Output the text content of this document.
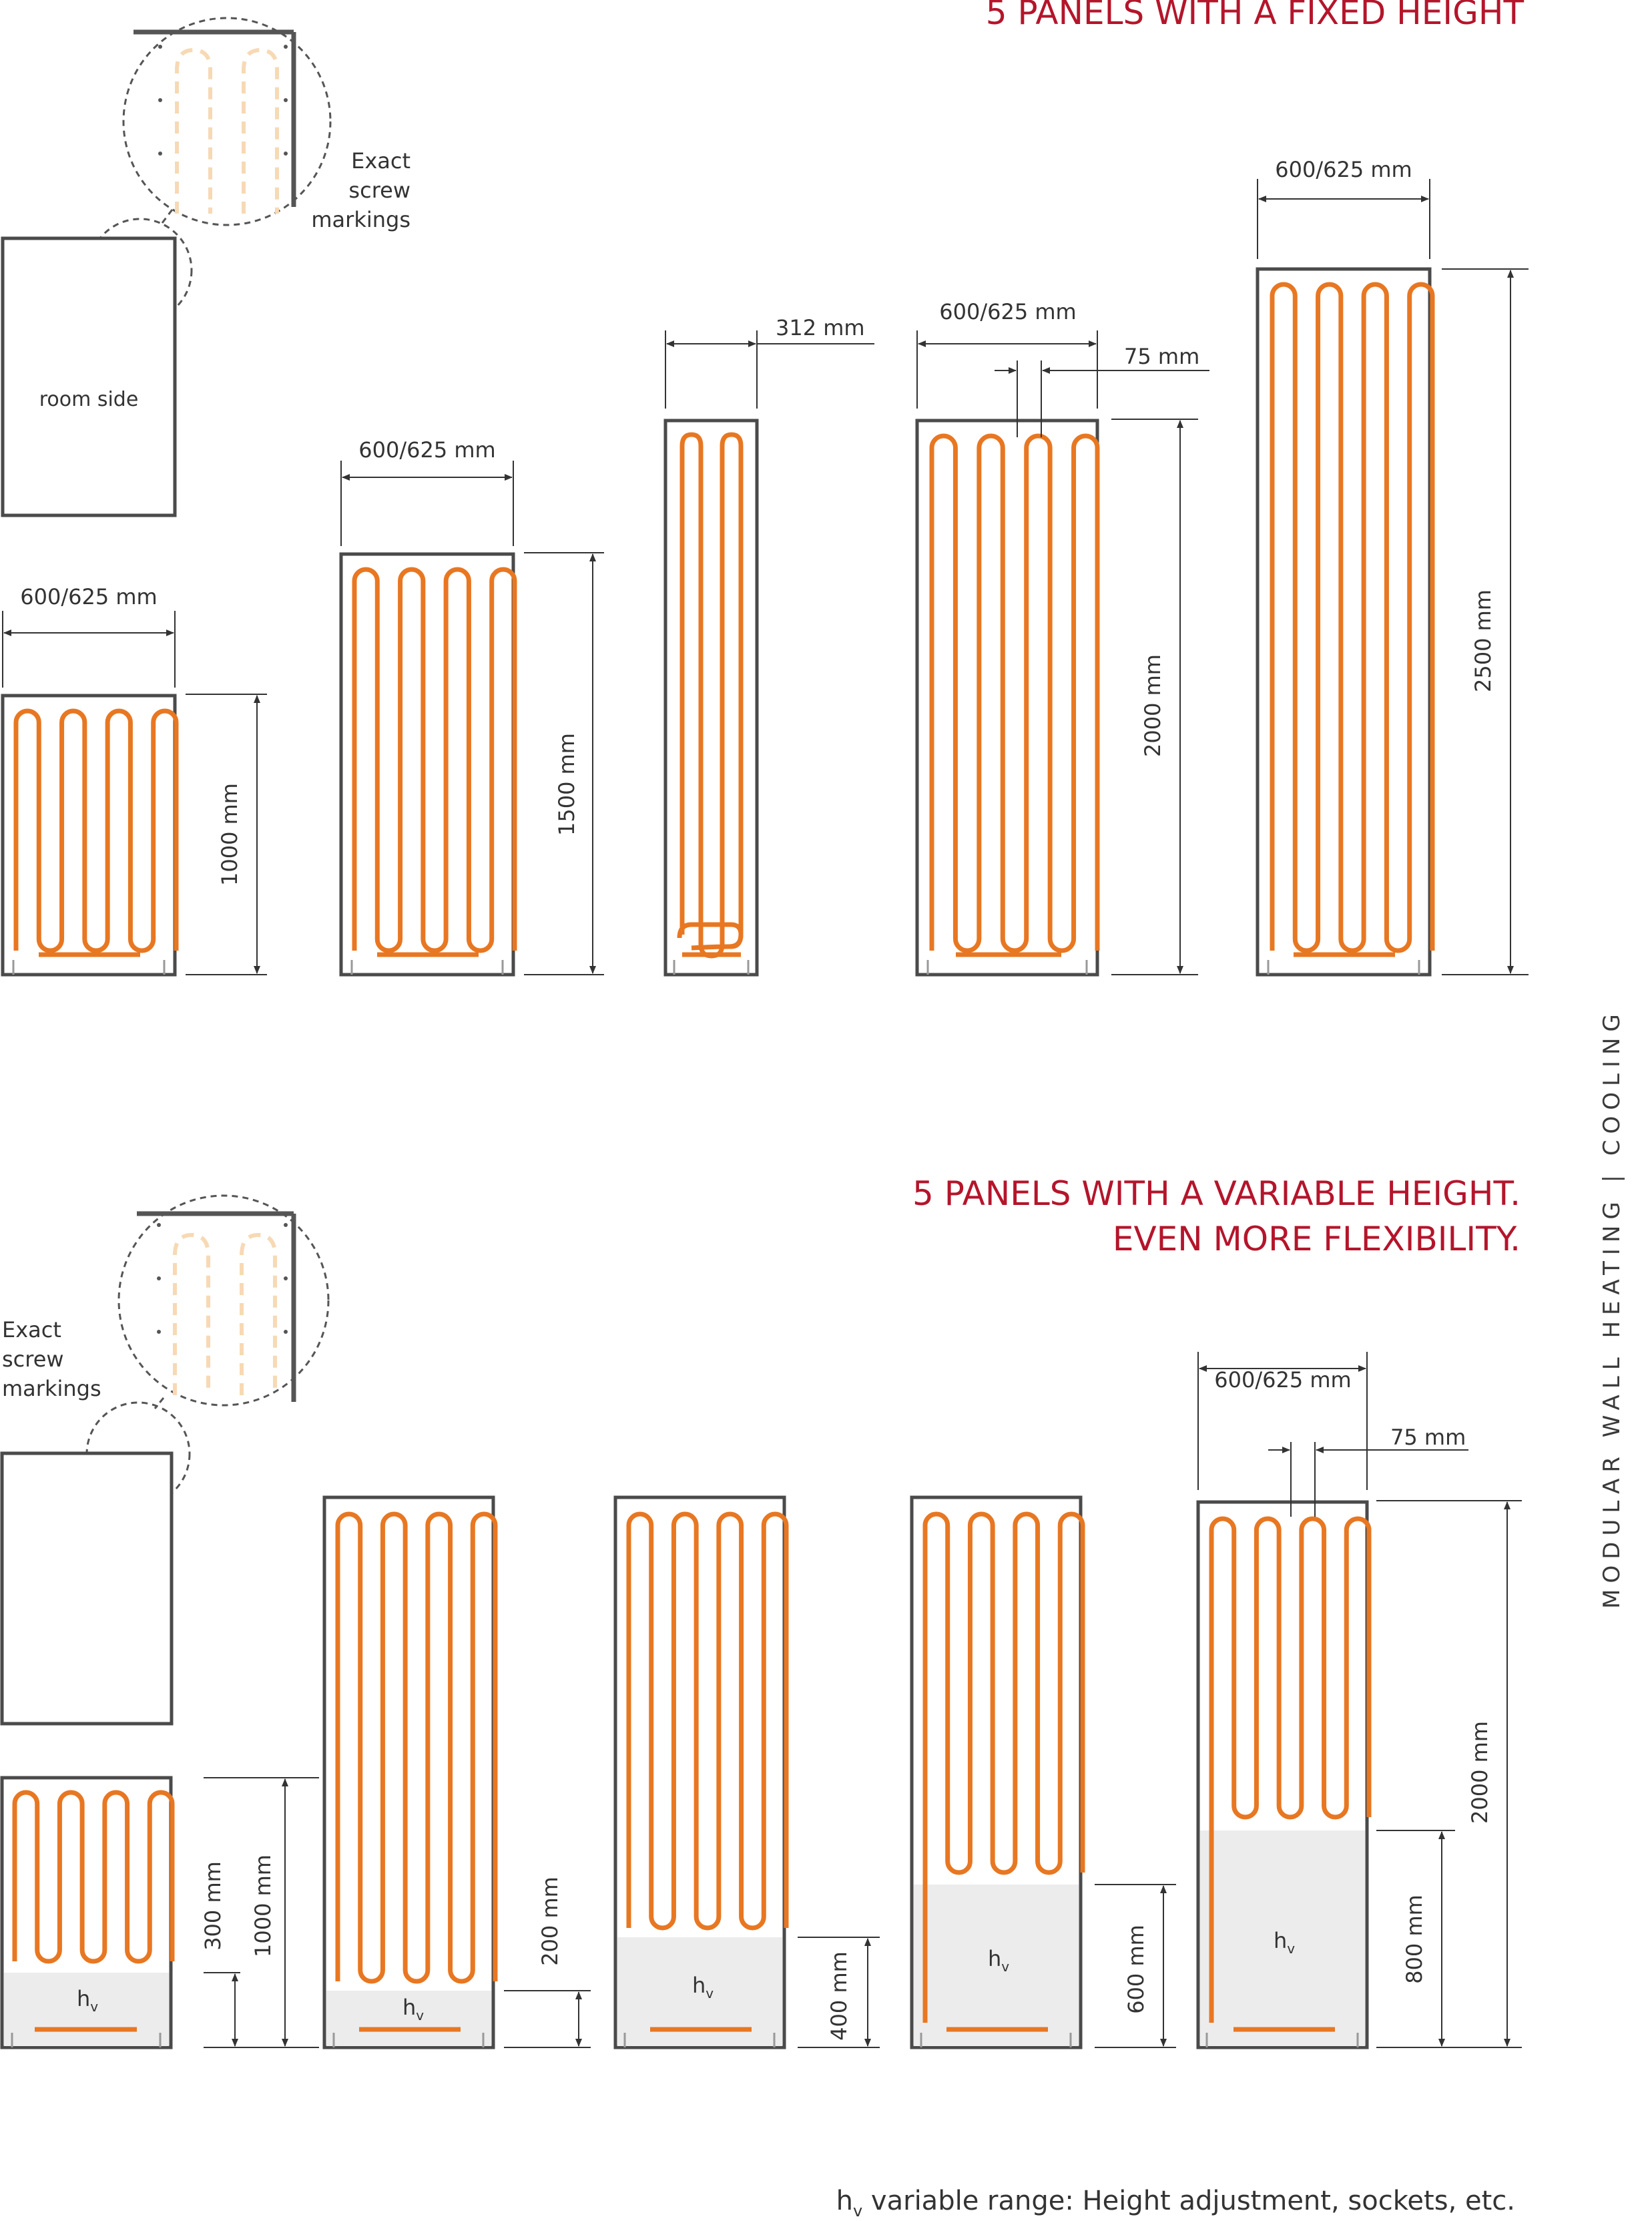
5 PANELS WITH A FIXED HEIGHT
5 PANELS WITH A VARIABLE HEIGHT.
EVEN MORE FLEXIBILITY.
Exact
screw
markings
room side
600/625 mm
1000 mm
600/625 mm
1500 mm
312 mm
600/625 mm
75 mm
2000 mm
600/625 mm
2500 mm
Exact
screw
markings
$h_v$
300 mm 1000 mm
$h_v$
200 mm
$h_v$	400 mm	$h_v$	600 mm	$h_v$
600/625 mm
75 mm
800 mm
2000 mm
$h_v$ variable range: Height adjustment, sockets, etc.
MODULAR WALL HEATING | COOLING
